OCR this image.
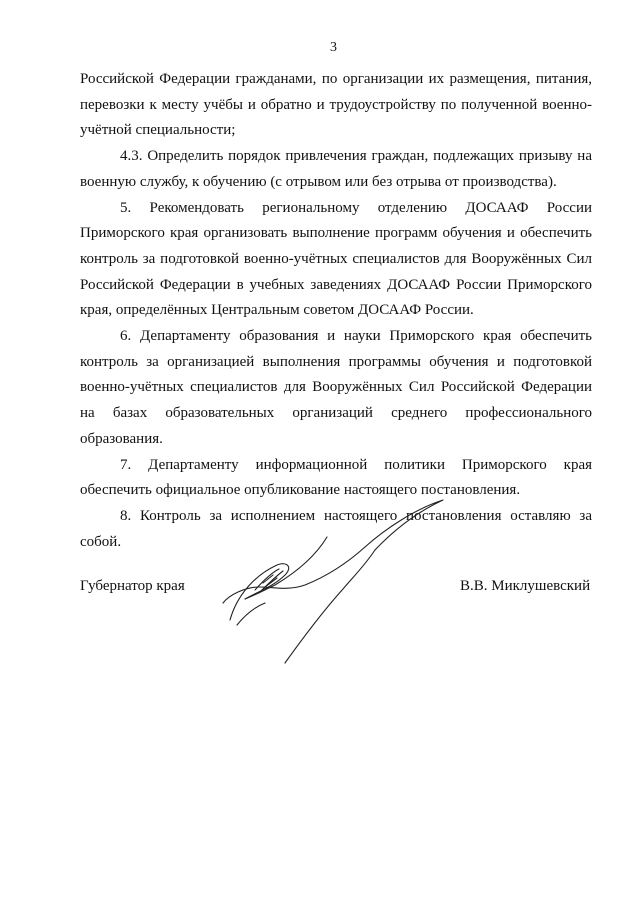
3

Российской Федерации гражданами, по организации их размещения, питания, перевозки к месту учёбы и обратно и трудоустройству по полученной военно-учётной специальности;

4.3. Определить порядок привлечения граждан, подлежащих призыву на военную службу, к обучению (с отрывом или без отрыва от производства).

5. Рекомендовать региональному отделению ДОСААФ России Приморского края организовать выполнение программ обучения и обеспечить контроль за подготовкой военно-учётных специалистов для Вооружённых Сил Российской Федерации в учебных заведениях ДОСААФ России Приморского края, определённых Центральным советом ДОСААФ России.

6. Департаменту образования и науки Приморского края обеспечить контроль за организацией выполнения программы обучения и подготовкой военно-учётных специалистов для Вооружённых Сил Российской Федерации на базах образовательных организаций среднего профессионального образования.

7. Департаменту информационной политики Приморского края обеспечить официальное опубликование настоящего постановления.

8. Контроль за исполнением настоящего постановления оставляю за собой.

Губернатор края	В.В. Миклушевский
